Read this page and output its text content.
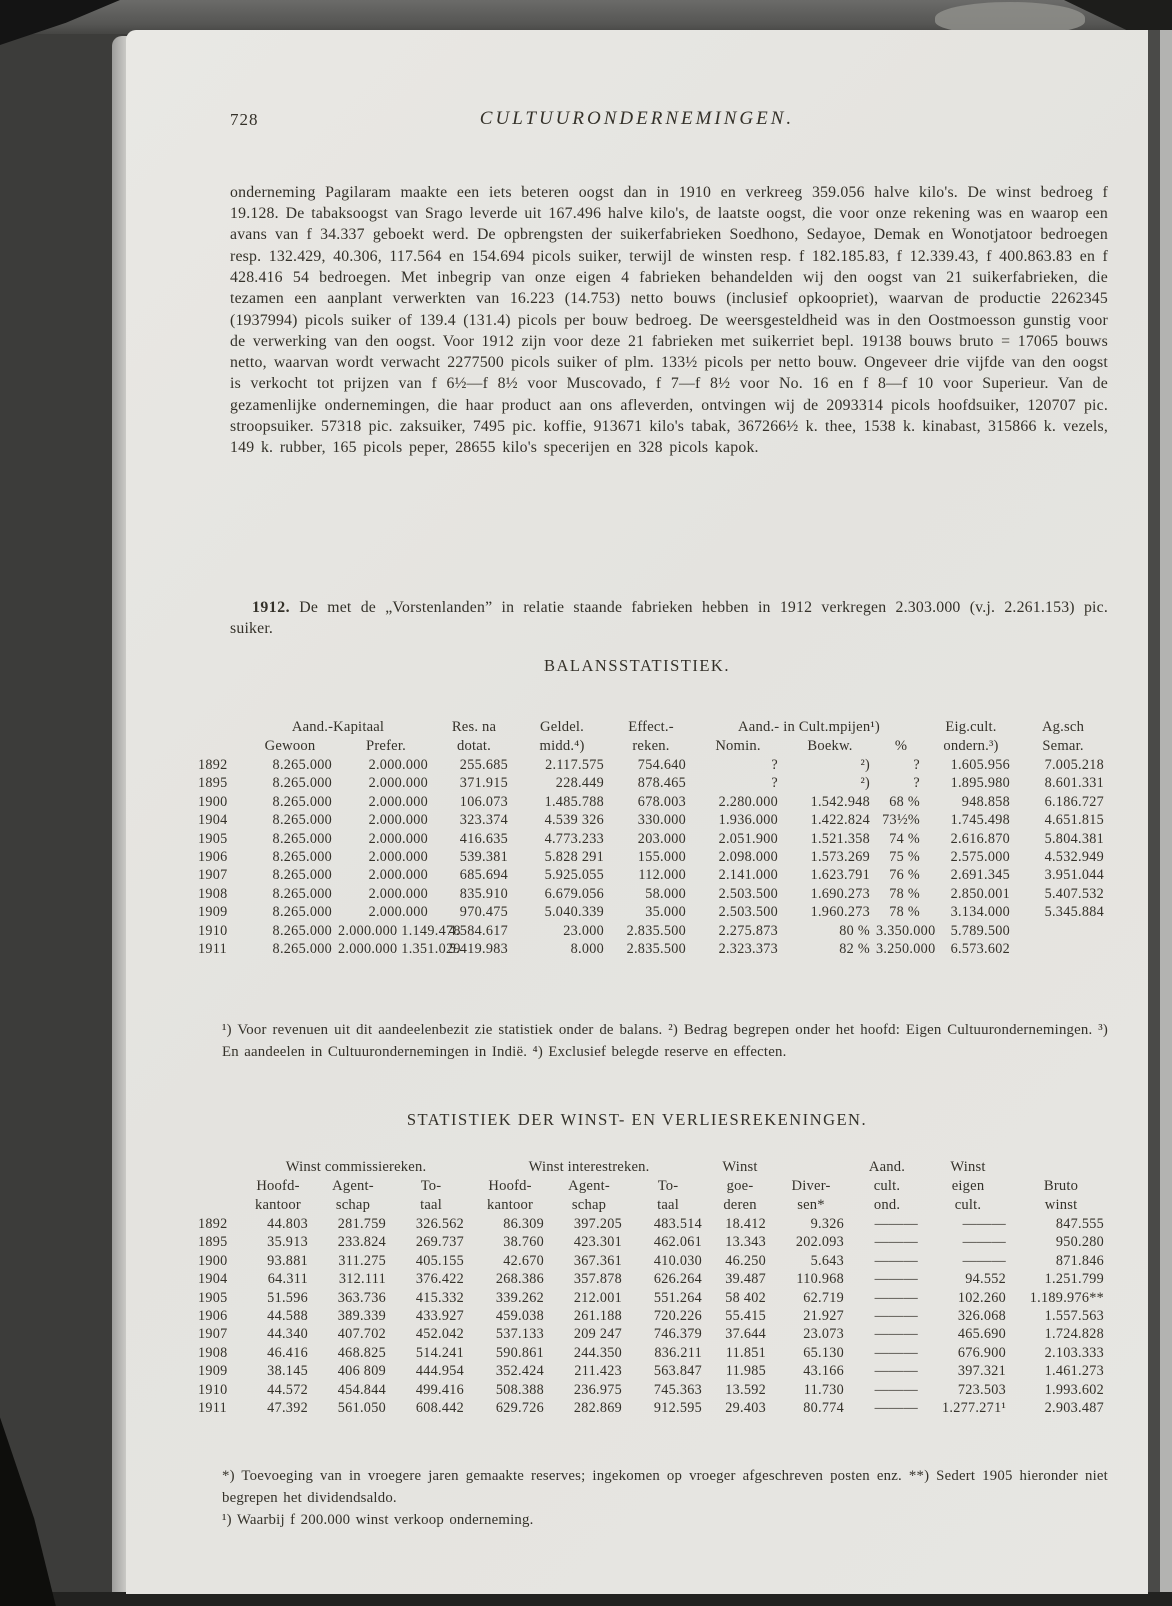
728	CULTUURONDERNEMINGEN.

onderneming Pagilaram maakte een iets beteren oogst dan in 1910 en verkreeg 359.056 halve kilo's. De winst bedroeg f 19.128. De tabaksoogst van Srago leverde uit 167.496 halve kilo's, de laatste oogst, die voor onze rekening was en waarop een avans van f 34.337 geboekt werd. De opbrengsten der suikerfabrieken Soedhono, Sedayoe, Demak en Wonotjatoor bedroegen resp. 132.429, 40.306, 117.564 en 154.694 picols suiker, terwijl de winsten resp. f 182.185.83, f 12.339.43, f 400.863.83 en f 428.416 54 bedroegen. Met inbegrip van onze eigen 4 fabrieken behandelden wij den oogst van 21 suikerfabrieken, die tezamen een aanplant verwerkten van 16.223 (14.753) netto bouws (inclusief opkoopriet), waarvan de productie 2262345 (1937994) picols suiker of 139.4 (131.4) picols per bouw bedroeg. De weersgesteldheid was in den Oostmoesson gunstig voor de verwerking van den oogst. Voor 1912 zijn voor deze 21 fabrieken met suikerriet bepl. 19138 bouws bruto = 17065 bouws netto, waarvan wordt verwacht 2277500 picols suiker of plm. 133½ picols per netto bouw. Ongeveer drie vijfde van den oogst is verkocht tot prijzen van f 6½—f 8½ voor Muscovado, f 7—f 8½ voor No. 16 en f 8—f 10 voor Superieur. Van de gezamenlijke ondernemingen, die haar product aan ons afleverden, ontvingen wij de 2093314 picols hoofdsuiker, 120707 pic. stroopsuiker. 57318 pic. zaksuiker, 7495 pic. koffie, 913671 kilo's tabak, 367266½ k. thee, 1538 k. kinabast, 315866 k. vezels, 149 k. rubber, 165 picols peper, 28655 kilo's specerijen en 328 picols kapok.

1912. De met de „Vorstenlanden” in relatie staande fabrieken hebben in 1912 verkregen 2.303.000 (v.j. 2.261.153) pic. suiker.

BALANSSTATISTIEK.
	Aand.-Kapitaal		Res. na	Geldel.	Effect.-	Aand.- in Cult.mpijen¹)			Eig.cult.	Ag.sch
	Gewoon	Prefer.	dotat.	midd.⁴)	reken.	Nomin.	Boekw.	%	ondern.³)	Semar.
1892	8.265.000	2.000.000	255.685	2.117.575	754.640	?	²)	?	1.605.956	7.005.218
1895	8.265.000	2.000.000	371.915	228.449	878.465	?	²)	?	1.895.980	8.601.331
1900	8.265.000	2.000.000	106.073	1.485.788	678.003	2.280.000	1.542.948	68 %	948.858	6.186.727
1904	8.265.000	2.000.000	323.374	4.539 326	330.000	1.936.000	1.422.824	73½%	1.745.498	4.651.815
1905	8.265.000	2.000.000	416.635	4.773.233	203.000	2.051.900	1.521.358	74 %	2.616.870	5.804.381
1906	8.265.000	2.000.000	539.381	5.828 291	155.000	2.098.000	1.573.269	75 %	2.575.000	4.532.949
1907	8.265.000	2.000.000	685.694	5.925.055	112.000	2.141.000	1.623.791	76 %	2.691.345	3.951.044
1908	8.265.000	2.000.000	835.910	6.679.056	58.000	2.503.500	1.690.273	78 %	2.850.001	5.407.532
1909	8.265.000	2.000.000	970.475	5.040.339	35.000	2.503.500	1.960.273	78 %	3.134.000	5.345.884
1910	8.265.000	2.000.000 1.149.478	4.584.617	23.000	2.835.500	2.275.873	80 %	3.350.000	5.789.500	
1911	8.265.000	2.000.000 1.351.029	5.419.983	8.000	2.835.500	2.323.373	82 %	3.250.000	6.573.602	

¹) Voor revenuen uit dit aandeelenbezit zie statistiek onder de balans. ²) Bedrag begrepen onder het hoofd: Eigen Cultuurondernemingen. ³) En aandeelen in Cultuurondernemingen in Indië. ⁴) Exclusief belegde reserve en effecten.

STATISTIEK DER WINST- EN VERLIESREKENINGEN.
	Winst commissiereken.			Winst interestreken.			Winst		Aand.	Winst	
	Hoofd-	Agent-	To-	Hoofd-	Agent-	To-	goe-	Diver-	cult.	eigen	Bruto
	kantoor	schap	taal	kantoor	schap	taal	deren	sen*	ond.	cult.	winst
1892	44.803	281.759	326.562	86.309	397.205	483.514	18.412	9.326	———	———	847.555
1895	35.913	233.824	269.737	38.760	423.301	462.061	13.343	202.093	———	———	950.280
1900	93.881	311.275	405.155	42.670	367.361	410.030	46.250	5.643	———	———	871.846
1904	64.311	312.111	376.422	268.386	357.878	626.264	39.487	110.968	———	94.552	1.251.799
1905	51.596	363.736	415.332	339.262	212.001	551.264	58 402	62.719	———	102.260	1.189.976**
1906	44.588	389.339	433.927	459.038	261.188	720.226	55.415	21.927	———	326.068	1.557.563
1907	44.340	407.702	452.042	537.133	209 247	746.379	37.644	23.073	———	465.690	1.724.828
1908	46.416	468.825	514.241	590.861	244.350	836.211	11.851	65.130	———	676.900	2.103.333
1909	38.145	406 809	444.954	352.424	211.423	563.847	11.985	43.166	———	397.321	1.461.273
1910	44.572	454.844	499.416	508.388	236.975	745.363	13.592	11.730	———	723.503	1.993.602
1911	47.392	561.050	608.442	629.726	282.869	912.595	29.403	80.774	———	1.277.271¹	2.903.487

*) Toevoeging van in vroegere jaren gemaakte reserves; ingekomen op vroeger afgeschreven posten enz. **) Sedert 1905 hieronder niet begrepen het dividendsaldo.
¹) Waarbij f 200.000 winst verkoop onderneming.
